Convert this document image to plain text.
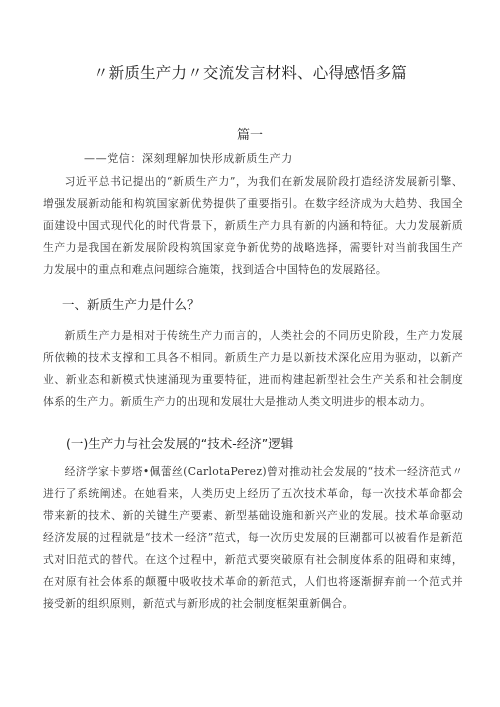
〃新质生产力〃交流发言材料、心得感悟多篇
篇一
——党信：深刻理解加快形成新质生产力

习近平总书记提出的“新质生产力”，为我们在新发展阶段打造经济发展新引擎、增强发展新动能和构筑国家新优势提供了重要指引。在数字经济成为大趋势、我国全面建设中国式现代化的时代背景下，新质生产力具有新的内涵和特征。大力发展新质生产力是我国在新发展阶段构筑国家竞争新优势的战略选择，需要针对当前我国生产力发展中的重点和难点问题综合施策，找到适合中国特色的发展路径。

一、新质生产力是什么？

新质生产力是相对于传统生产力而言的，人类社会的不同历史阶段，生产力发展所依赖的技术支撑和工具各不相同。新质生产力是以新技术深化应用为驱动，以新产业、新业态和新模式快速涌现为重要特征，进而构建起新型社会生产关系和社会制度体系的生产力。新质生产力的出现和发展壮大是推动人类文明进步的根本动力。

(一)生产力与社会发展的“技术-经济”逻辑

经济学家卡萝塔•佩蕾丝(CarlotaPerez)曾对推动社会发展的“技术一经济范式〃进行了系统阐述。在她看来，人类历史上经历了五次技术革命，每一次技术革命都会带来新的技术、新的关键生产要素、新型基础设施和新兴产业的发展。技术革命驱动经济发展的过程就是“技术一经济”范式，每一次历史发展的巨潮都可以被看作是新范式对旧范式的替代。在这个过程中，新范式要突破原有社会制度体系的阻碍和束缚，在对原有社会体系的颠覆中吸收技术革命的新范式，人们也将逐渐摒弃前一个范式并接受新的组织原则，新范式与新形成的社会制度框架重新偶合。
